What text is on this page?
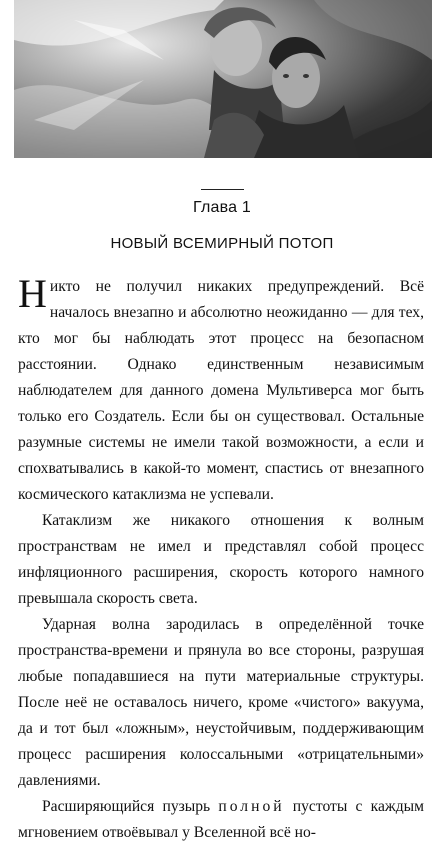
Глава 1
НОВЫЙ ВСЕМИРНЫЙ ПОТОП

Никто не получил никаких предупреждений. Всё началось внезапно и абсолютно неожиданно — для тех, кто мог бы наблюдать этот процесс на безопасном расстоянии. Однако единственным независимым наблюдателем для данного домена Мультиверса мог быть только его Создатель. Если бы он существовал. Остальные разумные системы не имели такой возможности, а если и спохватывались в какой-то момент, спастись от внезапного космического катаклизма не успевали.

Катаклизм же никакого отношения к волным пространствам не имел и представлял собой процесс инфляционного расширения, скорость которого намного превышала скорость света.

Ударная волна зародилась в определённой точке пространства-времени и прянула во все стороны, разрушая любые попадавшиеся на пути материальные структуры. После неё не оставалось ничего, кроме «чистого» вакуума, да и тот был «ложным», неустойчивым, поддерживающим процесс расширения колоссальными «отрицательными» давлениями.

Расширяющийся пузырь полной пустоты с каждым мгновением отвоёвывал у Вселенной всё но-
